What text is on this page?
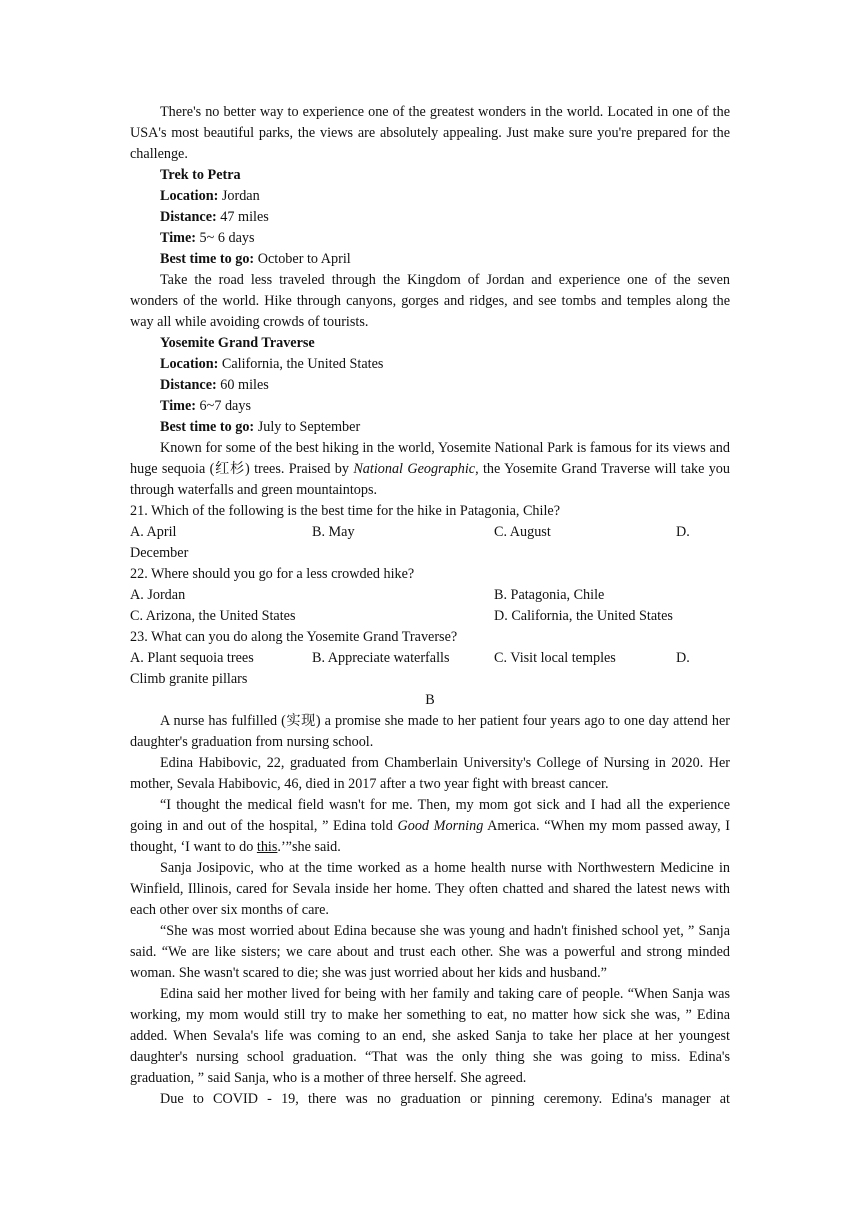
There's no better way to experience one of the greatest wonders in the world. Located in one of the USA's most beautiful parks, the views are absolutely appealing. Just make sure you're prepared for the challenge.

Trek to Petra

Location: Jordan

Distance: 47 miles

Time: 5~ 6 days

Best time to go: October to April

Take the road less traveled through the Kingdom of Jordan and experience one of the seven wonders of the world. Hike through canyons, gorges and ridges, and see tombs and temples along the way all while avoiding crowds of tourists.

Yosemite Grand Traverse

Location: California, the United States

Distance: 60 miles

Time: 6~7 days

Best time to go: July to September

Known for some of the best hiking in the world, Yosemite National Park is famous for its views and huge sequoia (红杉) trees. Praised by National Geographic, the Yosemite Grand Traverse will take you through waterfalls and green mountaintops.

21. Which of the following is the best time for the hike in Patagonia, Chile?

A. April	B. May	C. August	D.

December

22. Where should you go for a less crowded hike?

A. Jordan	B. Patagonia, Chile
C. Arizona, the United States	D. California, the United States

23. What can you do along the Yosemite Grand Traverse?

A. Plant sequoia trees	B. Appreciate waterfalls	C. Visit local temples	D.

Climb granite pillars

B

A nurse has fulfilled (实现) a promise she made to her patient four years ago to one day attend her daughter's graduation from nursing school.

Edina Habibovic, 22, graduated from Chamberlain University's College of Nursing in 2020. Her mother, Sevala Habibovic, 46, died in 2017 after a two year fight with breast cancer.

“I thought the medical field wasn't for me. Then, my mom got sick and I had all the experience going in and out of the hospital, ” Edina told Good Morning America. “When my mom passed away, I thought, ‘I want to do this.’”she said.

Sanja Josipovic, who at the time worked as a home health nurse with Northwestern Medicine in Winfield, Illinois, cared for Sevala inside her home. They often chatted and shared the latest news with each other over six months of care.

“She was most worried about Edina because she was young and hadn't finished school yet, ” Sanja said. “We are like sisters; we care about and trust each other. She was a powerful and strong minded woman. She wasn't scared to die; she was just worried about her kids and husband.”

Edina said her mother lived for being with her family and taking care of people. “When Sanja was working, my mom would still try to make her something to eat, no matter how sick she was, ” Edina added. When Sevala's life was coming to an end, she asked Sanja to take her place at her youngest daughter's nursing school graduation. “That was the only thing she was going to miss. Edina's graduation, ” said Sanja, who is a mother of three herself. She agreed.

Due to COVID - 19, there was no graduation or pinning ceremony. Edina's manager at
